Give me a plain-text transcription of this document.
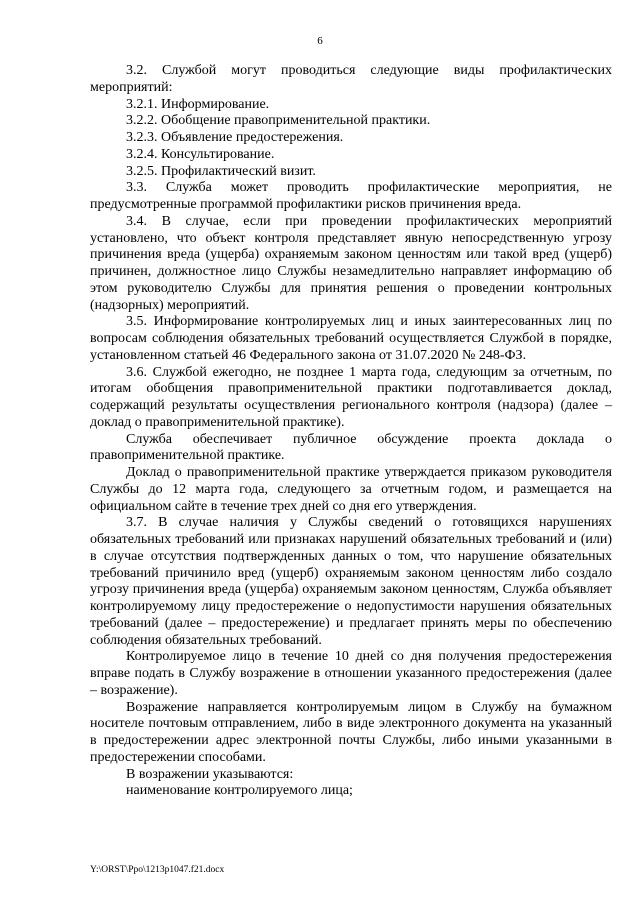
6

3.2. Службой могут проводиться следующие виды профилактических мероприятий:

3.2.1. Информирование.

3.2.2. Обобщение правоприменительной практики.

3.2.3. Объявление предостережения.

3.2.4. Консультирование.

3.2.5. Профилактический визит.

3.3. Служба может проводить профилактические мероприятия, не предусмотренные программой профилактики рисков причинения вреда.

3.4. В случае, если при проведении профилактических мероприятий установлено, что объект контроля представляет явную непосредственную угрозу причинения вреда (ущерба) охраняемым законом ценностям или такой вред (ущерб) причинен, должностное лицо Службы незамедлительно направляет информацию об этом руководителю Службы для принятия решения о проведении контрольных (надзорных) мероприятий.

3.5. Информирование контролируемых лиц и иных заинтересованных лиц по вопросам соблюдения обязательных требований осуществляется Службой в порядке, установленном статьей 46 Федерального закона от 31.07.2020 № 248-ФЗ.

3.6. Службой ежегодно, не позднее 1 марта года, следующим за отчетным, по итогам обобщения правоприменительной практики подготавливается доклад, содержащий результаты осуществления регионального контроля (надзора) (далее – доклад о правоприменительной практике).

Служба обеспечивает публичное обсуждение проекта доклада о правоприменительной практике.

Доклад о правоприменительной практике утверждается приказом руководителя Службы до 12 марта года, следующего за отчетным годом, и размещается на официальном сайте в течение трех дней со дня его утверждения.

3.7. В случае наличия у Службы сведений о готовящихся нарушениях обязательных требований или признаках нарушений обязательных требований и (или) в случае отсутствия подтвержденных данных о том, что нарушение обязательных требований причинило вред (ущерб) охраняемым законом ценностям либо создало угрозу причинения вреда (ущерба) охраняемым законом ценностям, Служба объявляет контролируемому лицу предостережение о недопустимости нарушения обязательных требований (далее – предостережение) и предлагает принять меры по обеспечению соблюдения обязательных требований.

Контролируемое лицо в течение 10 дней со дня получения предостережения вправе подать в Службу возражение в отношении указанного предостережения (далее – возражение).

Возражение направляется контролируемым лицом в Службу на бумажном носителе почтовым отправлением, либо в виде электронного документа на указанный в предостережении адрес электронной почты Службы, либо иными указанными в предостережении способами.

В возражении указываются:

наименование контролируемого лица;

Y:\ORST\Ppo\1213p1047.f21.docx
